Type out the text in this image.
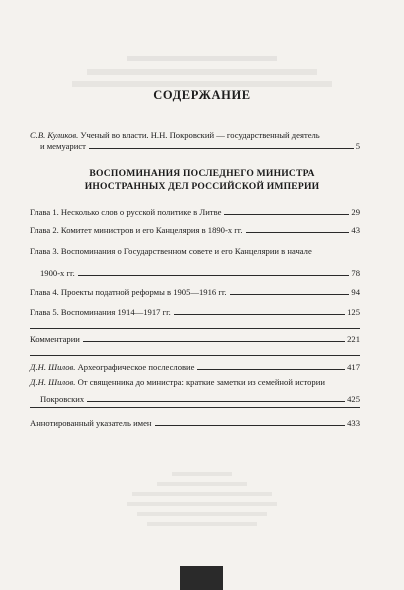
СОДЕРЖАНИЕ
С.В. Куликов.
Ученый во власти. Н.Н. Покровский — государственный деятель
и мемуарист	5
ВОСПОМИНАНИЯ ПОСЛЕДНЕГО МИНИСТРА
ИНОСТРАННЫХ ДЕЛ РОССИЙСКОЙ ИМПЕРИИ
Глава 1. Несколько слов о русской политике в Литве	29
Глава 2. Комитет министров и его Канцелярия в 1890-х гг.	43
Глава 3. Воспоминания о Государственном совете и его Канцелярии в начале
1900-х гг.	78
Глава 4. Проекты податной реформы в 1905—1916 гг.	94
Глава 5. Воспоминания 1914—1917 гг.	125
Комментарии	221
Д.Н. Шилов.
Археографическое послесловие	417
Д.Н. Шилов.
От священника до министра: краткие заметки из семейной истории
Покровских	425
Аннотированный указатель имен	433
